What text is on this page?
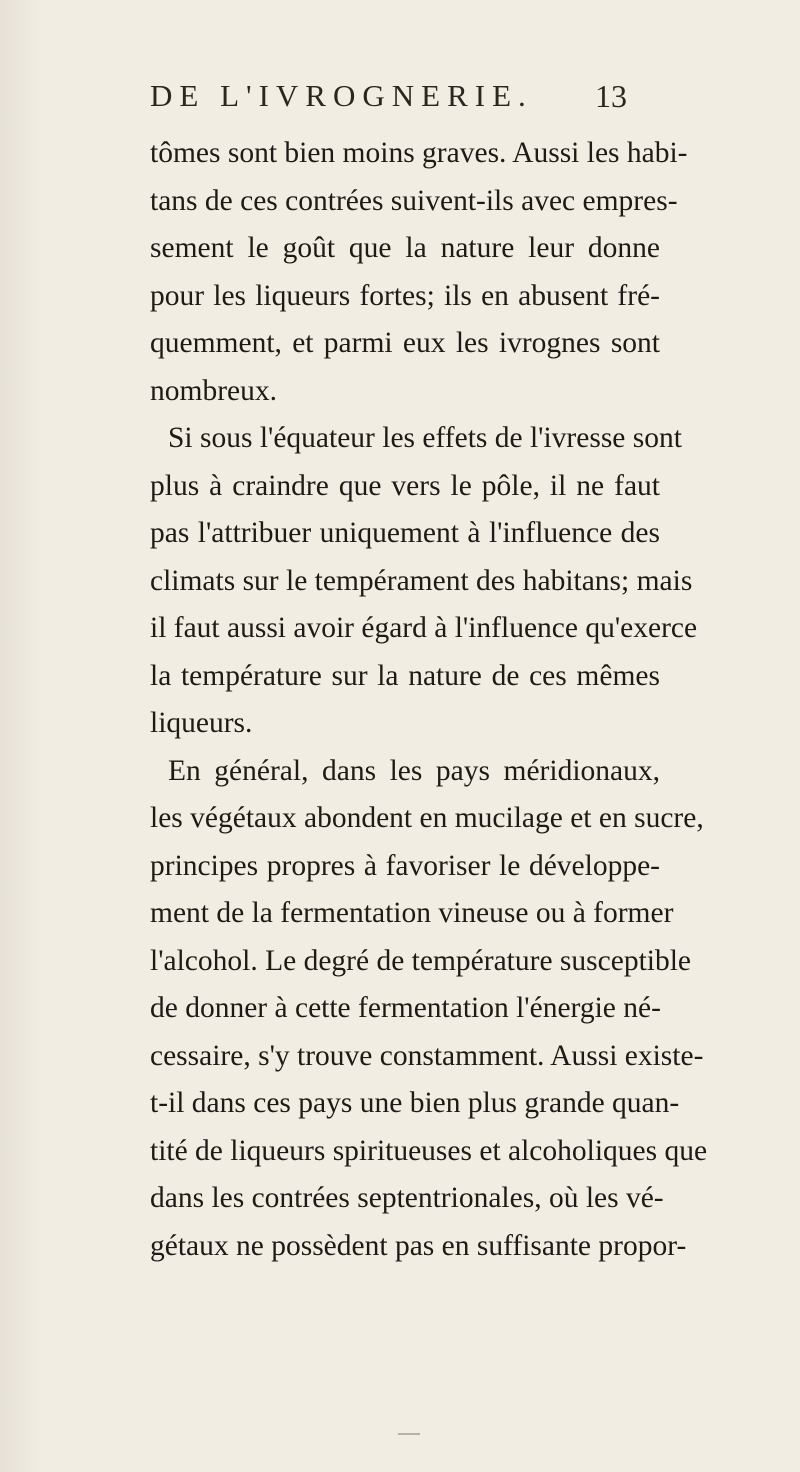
DE L'IVROGNERIE. 13
tômes sont bien moins graves. Aussi les habi-
tans de ces contrées suivent-ils avec empres-
sement le goût que la nature leur donne
pour les liqueurs fortes; ils en abusent fré-
quemment, et parmi eux les ivrognes sont
nombreux.
Si sous l'équateur les effets de l'ivresse sont
plus à craindre que vers le pôle, il ne faut
pas l'attribuer uniquement à l'influence des
climats sur le tempérament des habitans; mais
il faut aussi avoir égard à l'influence qu'exerce
la température sur la nature de ces mêmes
liqueurs.
En général, dans les pays méridionaux,
les végétaux abondent en mucilage et en sucre,
principes propres à favoriser le développe-
ment de la fermentation vineuse ou à former
l'alcohol. Le degré de température susceptible
de donner à cette fermentation l'énergie né-
cessaire, s'y trouve constamment. Aussi existe-
t-il dans ces pays une bien plus grande quan-
tité de liqueurs spiritueuses et alcoholiques que
dans les contrées septentrionales, où les vé-
gétaux ne possèdent pas en suffisante propor-
